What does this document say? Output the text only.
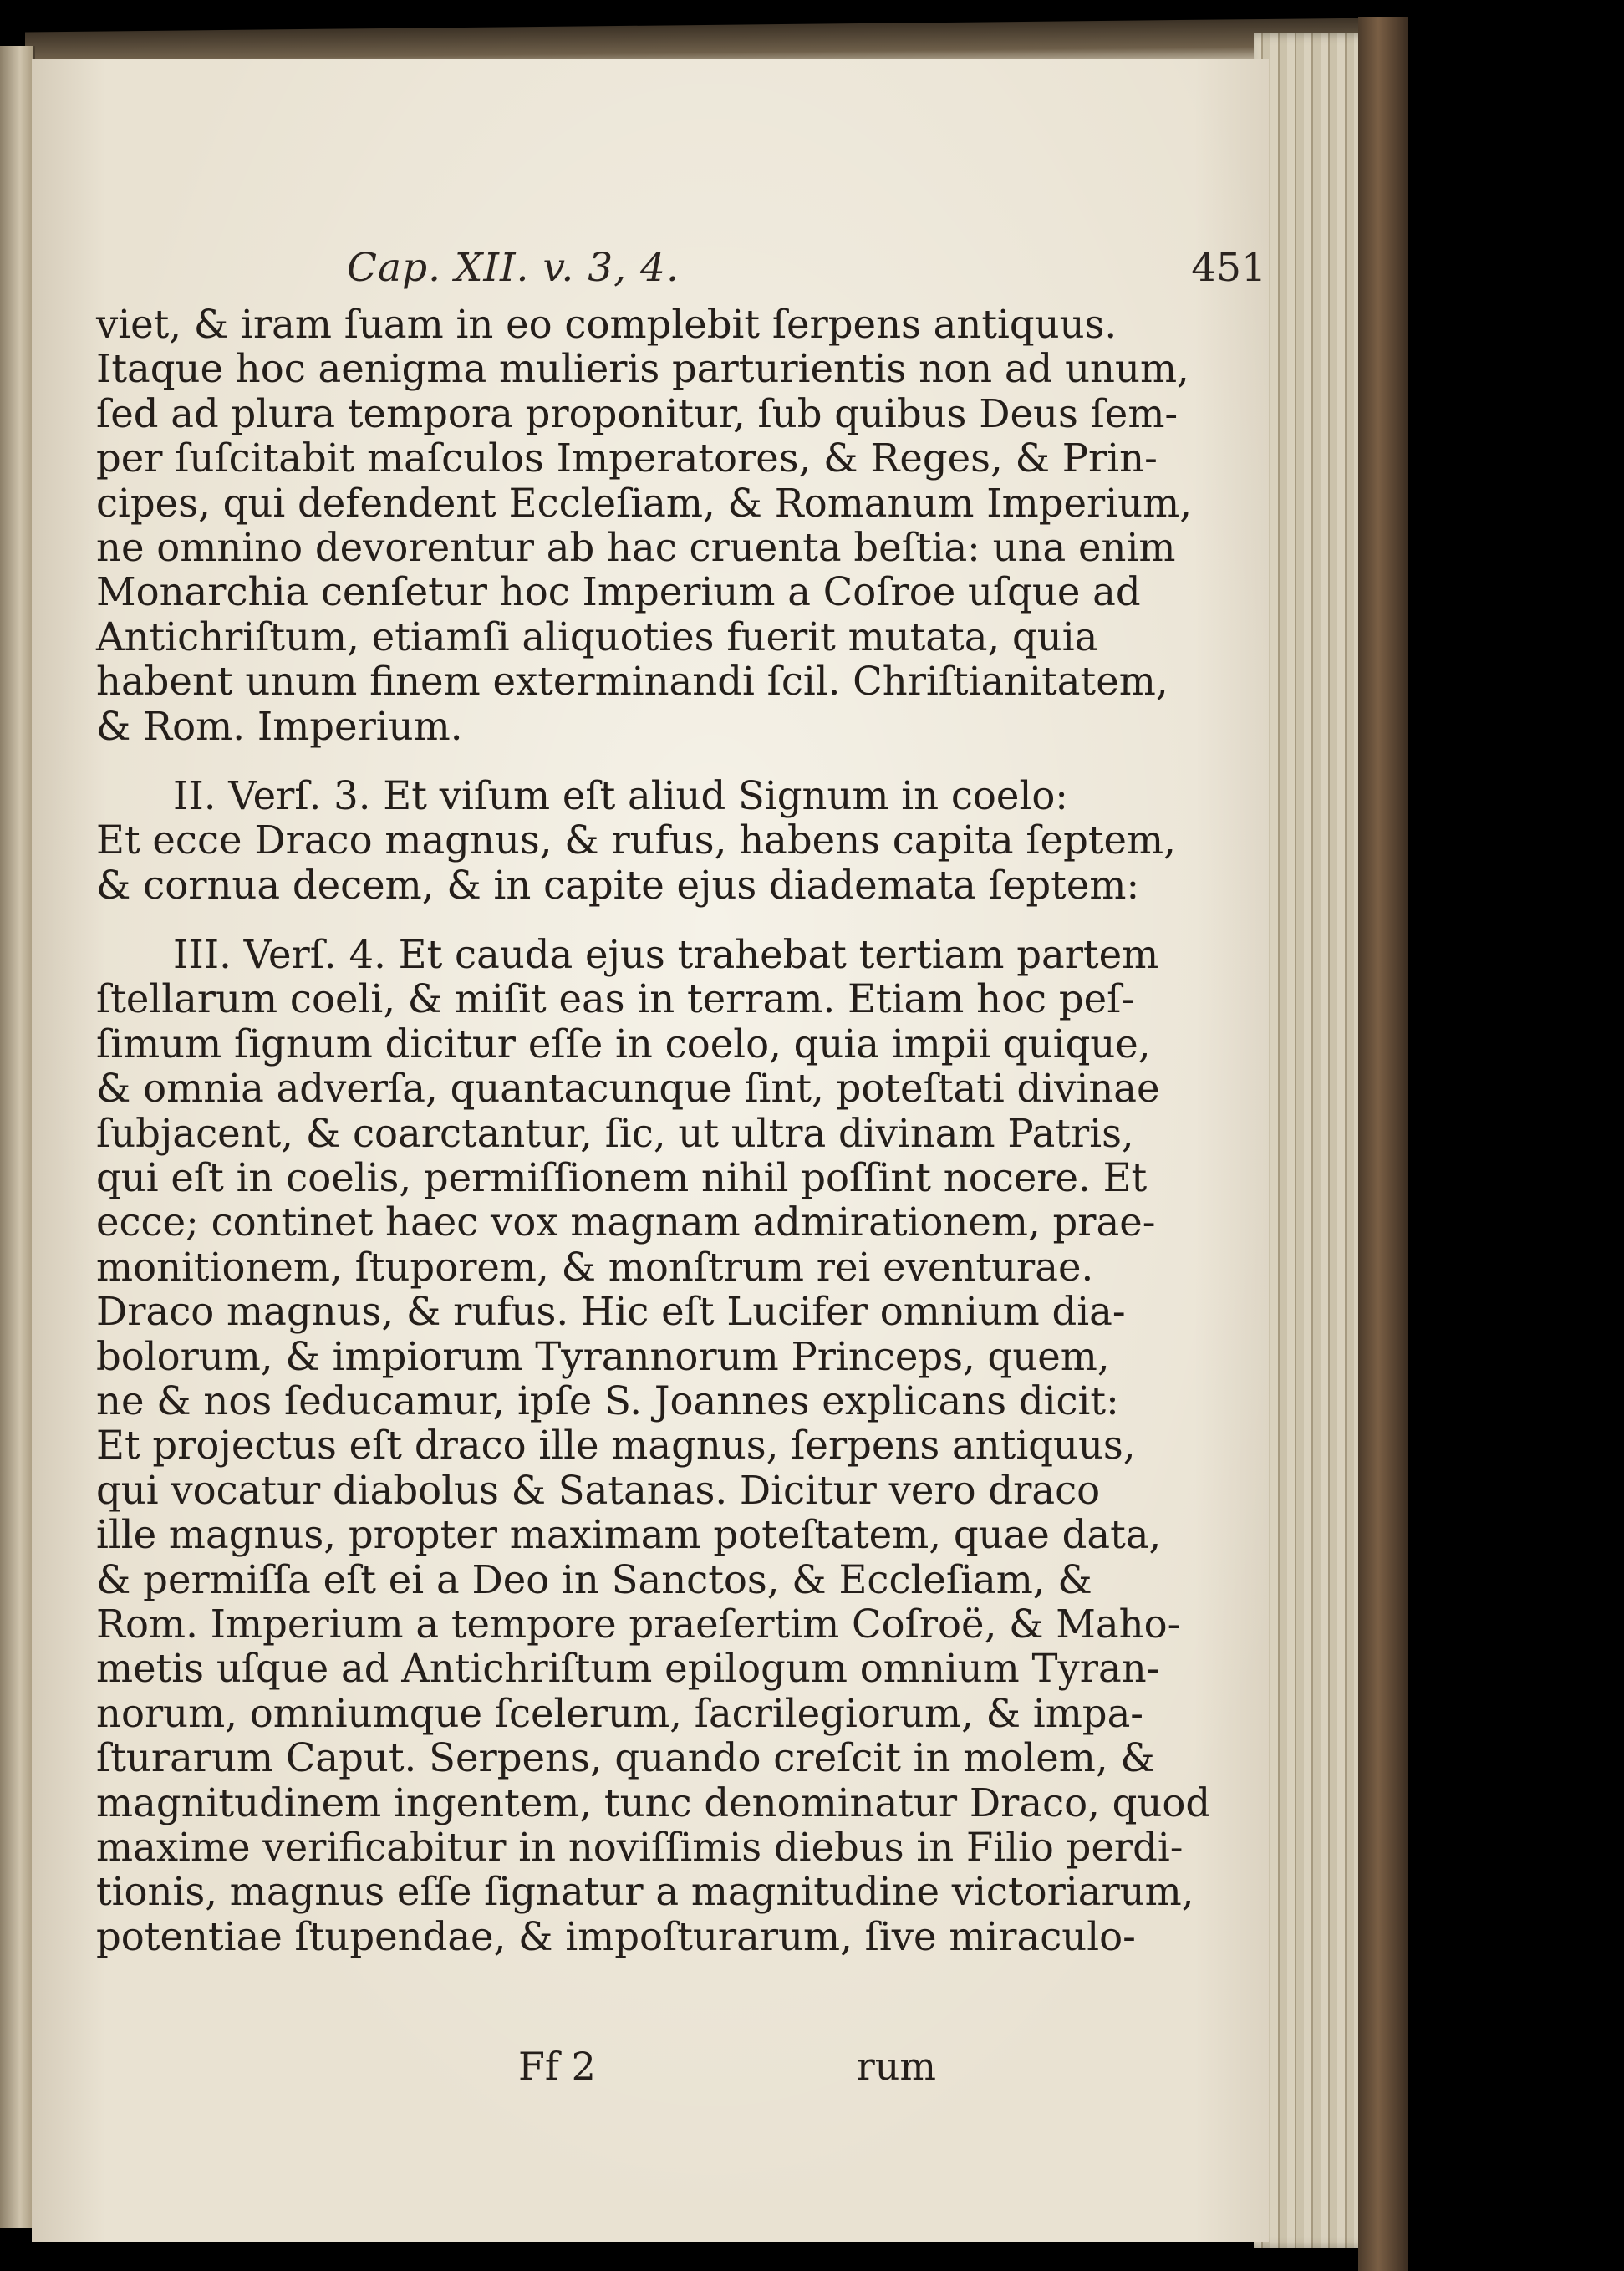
Cap. XII. v. 3, 4.	451
viet, & iram ſuam in eo complebit ſerpens antiquus.
Itaque hoc aenigma mulieris parturientis non ad unum,
ſed ad plura tempora proponitur, ſub quibus Deus ſem-
per ſuſcitabit maſculos Imperatores, & Reges, & Prin-
cipes, qui defendent Eccleſiam, & Romanum Imperium,
ne omnino devorentur ab hac cruenta beſtia: una enim
Monarchia cenſetur hoc Imperium a Coſroe uſque ad
Antichriſtum, etiamſi aliquoties fuerit mutata, quia
habent unum finem exterminandi ſcil. Chriſtianitatem,
& Rom. Imperium.
II. Verſ. 3. Et viſum eſt aliud Signum in coelo:
Et ecce Draco magnus, & rufus, habens capita ſeptem,
& cornua decem, & in capite ejus diademata ſeptem:
III. Verſ. 4. Et cauda ejus trahebat tertiam partem
ſtellarum coeli, & miſit eas in terram. Etiam hoc peſ-
ſimum ſignum dicitur eſſe in coelo, quia impii quique,
& omnia adverſa, quantacunque ſint, poteſtati divinae
ſubjacent, & coarctantur, ſic, ut ultra divinam Patris,
qui eſt in coelis, permiſſionem nihil poſſint nocere. Et
ecce; continet haec vox magnam admirationem, prae-
monitionem, ſtuporem, & monſtrum rei eventurae.
Draco magnus, & rufus. Hic eſt Lucifer omnium dia-
bolorum, & impiorum Tyrannorum Princeps, quem,
ne & nos ſeducamur, ipſe S. Joannes explicans dicit:
Et projectus eſt draco ille magnus, ſerpens antiquus,
qui vocatur diabolus & Satanas. Dicitur vero draco
ille magnus, propter maximam poteſtatem, quae data,
& permiſſa eſt ei a Deo in Sanctos, & Eccleſiam, &
Rom. Imperium a tempore praeſertim Coſroë, & Maho-
metis uſque ad Antichriſtum epilogum omnium Tyran-
norum, omniumque ſcelerum, ſacrilegiorum, & impa-
ſturarum Caput. Serpens, quando creſcit in molem, &
magnitudinem ingentem, tunc denominatur Draco, quod
maxime verificabitur in noviſſimis diebus in Filio perdi-
tionis, magnus eſſe ſignatur a magnitudine victoriarum,
potentiae ſtupendae, & impoſturarum, ſive miraculo-
Ff 2	rum
